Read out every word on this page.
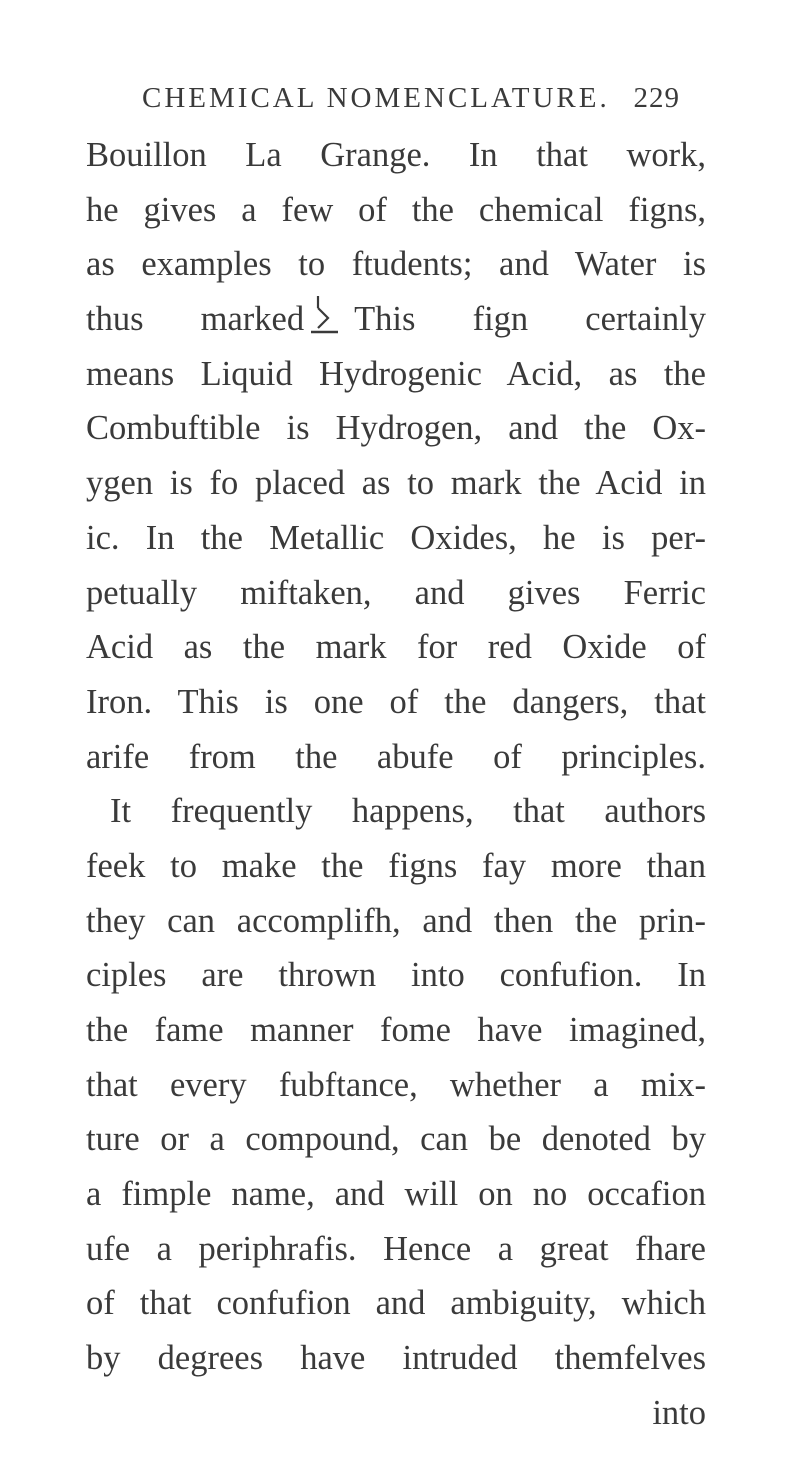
CHEMICAL NOMENCLATURE. 229
Bouillon La Grange. In that work,
he gives a few of the chemical figns,
as examples to ftudents; and Water is
thus marked This fign certainly
means Liquid Hydrogenic Acid, as the
Combuftible is Hydrogen, and the Ox-
ygen is fo placed as to mark the Acid in
ic. In the Metallic Oxides, he is per-
petually miftaken, and gives Ferric
Acid as the mark for red Oxide of
Iron. This is one of the dangers, that
arife from the abufe of principles.
It frequently happens, that authors
feek to make the figns fay more than
they can accomplifh, and then the prin-
ciples are thrown into confufion. In
the fame manner fome have imagined,
that every fubftance, whether a mix-
ture or a compound, can be denoted by
a fimple name, and will on no occafion
ufe a periphrafis. Hence a great fhare
of that confufion and ambiguity, which
by degrees have intruded themfelves
into
